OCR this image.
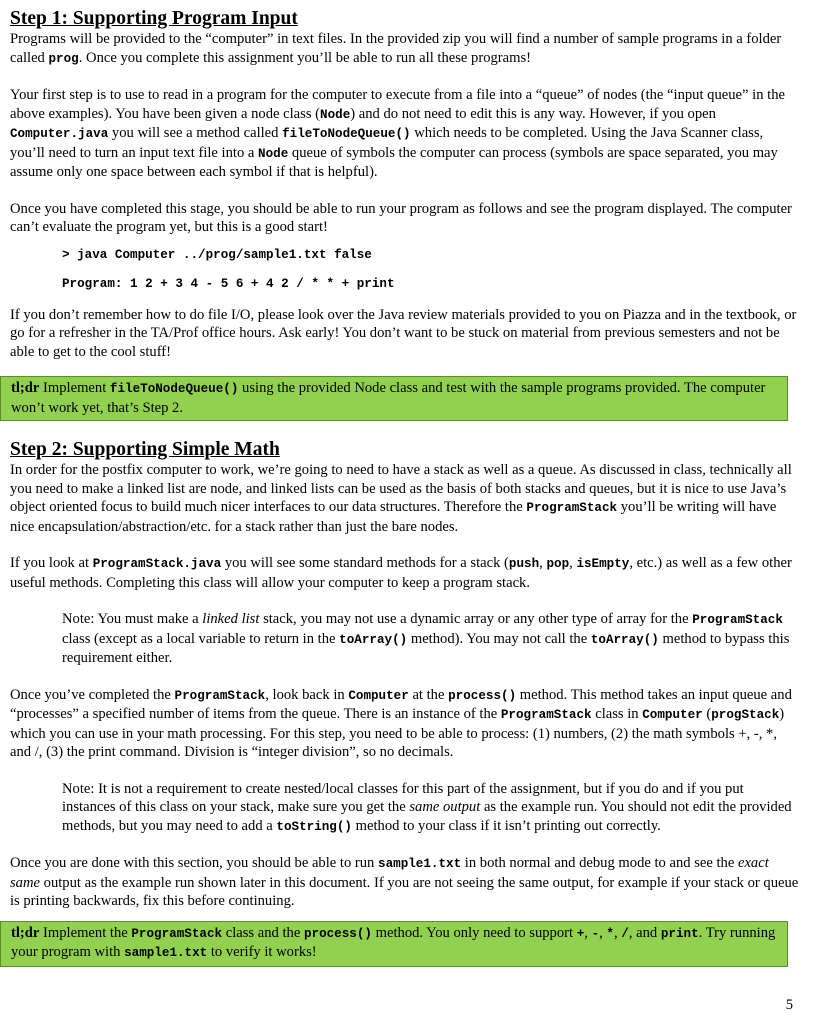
Step 1: Supporting Program Input

Programs will be provided to the “computer” in text files. In the provided zip you will find a number of sample programs in a folder called prog. Once you complete this assignment you’ll be able to run all these programs!

Your first step is to use to read in a program for the computer to execute from a file into a “queue” of nodes (the “input queue” in the above examples). You have been given a node class (Node) and do not need to edit this is any way. However, if you open Computer.java you will see a method called fileToNodeQueue() which needs to be completed. Using the Java Scanner class, you’ll need to turn an input text file into a Node queue of symbols the computer can process (symbols are space separated, you may assume only one space between each symbol if that is helpful).

Once you have completed this stage, you should be able to run your program as follows and see the program displayed. The computer can’t evaluate the program yet, but this is a good start!

> java Computer ../prog/sample1.txt false

Program: 1 2 + 3 4 - 5 6 + 4 2 / * * + print

If you don’t remember how to do file I/O, please look over the Java review materials provided to you on Piazza and in the textbook, or go for a refresher in the TA/Prof office hours. Ask early! You don’t want to be stuck on material from previous semesters and not be able to get to the cool stuff!

tl;dr Implement fileToNodeQueue() using the provided Node class and test with the sample programs provided. The computer won’t work yet, that’s Step 2.
Step 2: Supporting Simple Math

In order for the postfix computer to work, we’re going to need to have a stack as well as a queue. As discussed in class, technically all you need to make a linked list are node, and linked lists can be used as the basis of both stacks and queues, but it is nice to use Java’s object oriented focus to build much nicer interfaces to our data structures. Therefore the ProgramStack you’ll be writing will have nice encapsulation/abstraction/etc. for a stack rather than just the bare nodes.

If you look at ProgramStack.java you will see some standard methods for a stack (push, pop, isEmpty, etc.) as well as a few other useful methods. Completing this class will allow your computer to keep a program stack.

Note: You must make a linked list stack, you may not use a dynamic array or any other type of array for the ProgramStack class (except as a local variable to return in the toArray() method). You may not call the toArray() method to bypass this requirement either.

Once you’ve completed the ProgramStack, look back in Computer at the process() method. This method takes an input queue and “processes” a specified number of items from the queue. There is an instance of the ProgramStack class in Computer (progStack) which you can use in your math processing. For this step, you need to be able to process: (1) numbers, (2) the math symbols +, -, *, and /, (3) the print command. Division is “integer division”, so no decimals.

Note: It is not a requirement to create nested/local classes for this part of the assignment, but if you do and if you put instances of this class on your stack, make sure you get the same output as the example run. You should not edit the provided methods, but you may need to add a toString() method to your class if it isn’t printing out correctly.

Once you are done with this section, you should be able to run sample1.txt in both normal and debug mode to and see the exact same output as the example run shown later in this document. If you are not seeing the same output, for example if your stack or queue is printing backwards, fix this before continuing.

tl;dr Implement the ProgramStack class and the process() method. You only need to support +, -, *, /, and print. Try running your program with sample1.txt to verify it works!
5
